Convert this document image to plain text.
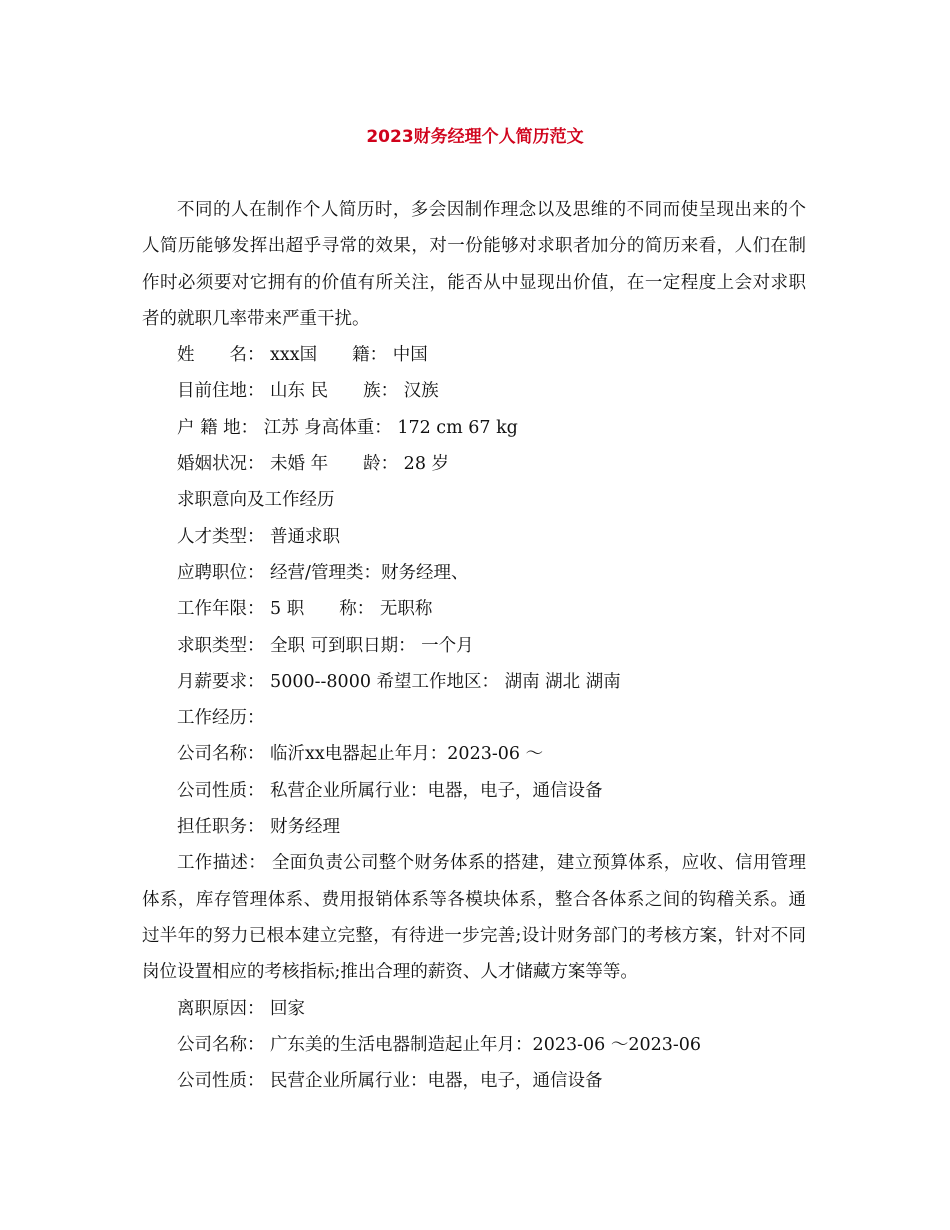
2023财务经理个人简历范文

不同的人在制作个人简历时，多会因制作理念以及思维的不同而使呈现出来的个人简历能够发挥出超乎寻常的效果，对一份能够对求职者加分的简历来看，人们在制作时必须要对它拥有的价值有所关注，能否从中显现出价值，在一定程度上会对求职者的就职几率带来严重干扰。

姓　　名： xxx国　　籍： 中国

目前住地： 山东 民　　族： 汉族

户 籍 地： 江苏 身高体重： 172 cm 67 kg

婚姻状况： 未婚 年　　龄： 28 岁

求职意向及工作经历

人才类型： 普通求职

应聘职位： 经营/管理类：财务经理、

工作年限： 5 职　　称： 无职称

求职类型： 全职 可到职日期： 一个月

月薪要求： 5000--8000 希望工作地区： 湖南 湖北 湖南

工作经历：

公司名称： 临沂xx电器起止年月：2023-06 ～

公司性质： 私营企业所属行业：电器，电子，通信设备

担任职务： 财务经理

工作描述： 全面负责公司整个财务体系的搭建，建立预算体系，应收、信用管理体系，库存管理体系、费用报销体系等各模块体系，整合各体系之间的钩稽关系。通过半年的努力已根本建立完整，有待进一步完善;设计财务部门的考核方案，针对不同岗位设置相应的考核指标;推出合理的薪资、人才储藏方案等等。

离职原因： 回家

公司名称： 广东美的生活电器制造起止年月：2023-06 ～2023-06

公司性质： 民营企业所属行业：电器，电子，通信设备
